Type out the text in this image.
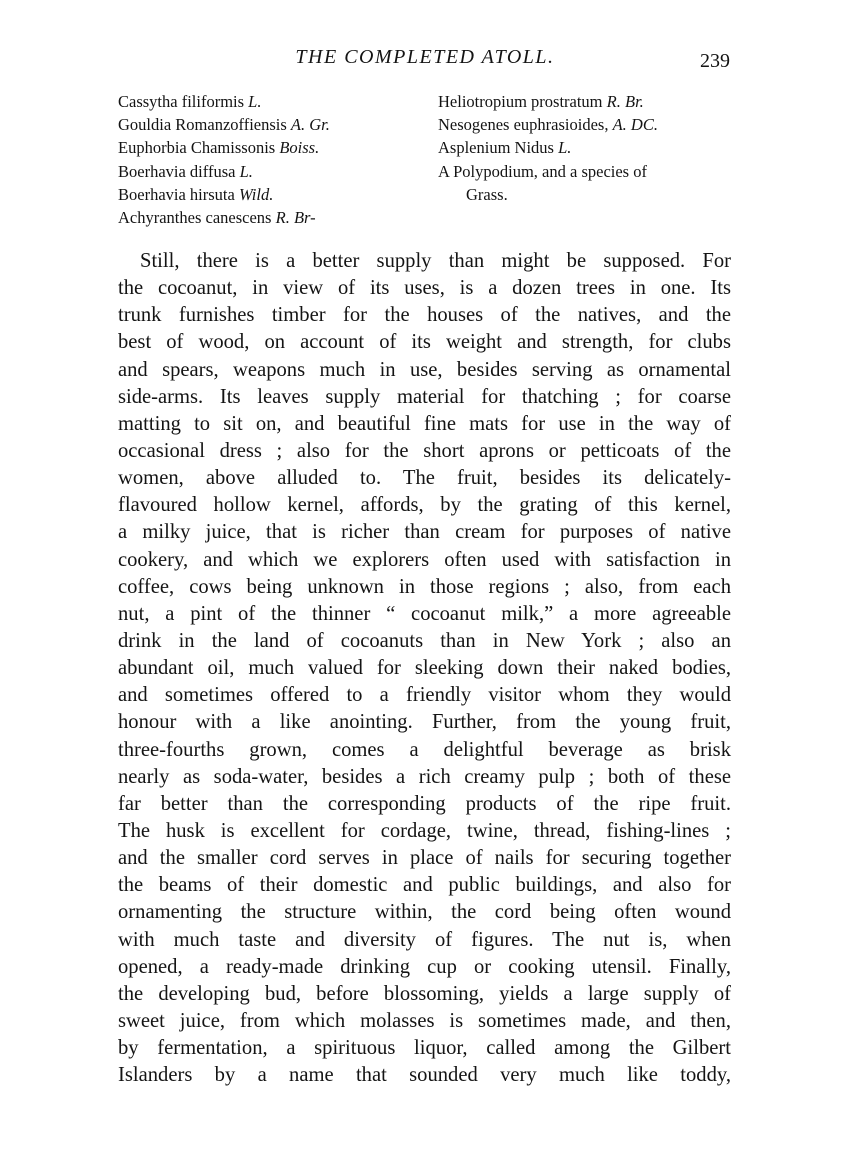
THE COMPLETED ATOLL.	239
Cassytha filiformis L.
Gouldia Romanzoffiensis A. Gr.
Euphorbia Chamissonis Boiss.
Boerhavia diffusa L.
Boerhavia hirsuta Wild.
Achyranthes canescens R. Br-
Heliotropium prostratum R. Br.
Nesogenes euphrasioides, A. DC.
Asplenium Nidus L.
A Polypodium, and a species of
Grass.
Still, there is a better supply than might be supposed. For
the cocoanut, in view of its uses, is a dozen trees in one. Its
trunk furnishes timber for the houses of the natives, and the
best of wood, on account of its weight and strength, for clubs
and spears, weapons much in use, besides serving as ornamental
side-arms. Its leaves supply material for thatching ; for coarse
matting to sit on, and beautiful fine mats for use in the way of
occasional dress ; also for the short aprons or petticoats of the
women, above alluded to. The fruit, besides its delicately-
flavoured hollow kernel, affords, by the grating of this kernel,
a milky juice, that is richer than cream for purposes of native
cookery, and which we explorers often used with satisfaction in
coffee, cows being unknown in those regions ; also, from each
nut, a pint of the thinner “ cocoanut milk,” a more agreeable
drink in the land of cocoanuts than in New York ; also an
abundant oil, much valued for sleeking down their naked bodies,
and sometimes offered to a friendly visitor whom they would
honour with a like anointing. Further, from the young fruit,
three-fourths grown, comes a delightful beverage as brisk
nearly as soda-water, besides a rich creamy pulp ; both of these
far better than the corresponding products of the ripe fruit.
The husk is excellent for cordage, twine, thread, fishing-lines ;
and the smaller cord serves in place of nails for securing together
the beams of their domestic and public buildings, and also for
ornamenting the structure within, the cord being often wound
with much taste and diversity of figures. The nut is, when
opened, a ready-made drinking cup or cooking utensil. Finally,
the developing bud, before blossoming, yields a large supply of
sweet juice, from which molasses is sometimes made, and then,
by fermentation, a spirituous liquor, called among the Gilbert
Islanders by a name that sounded very much like toddy,
